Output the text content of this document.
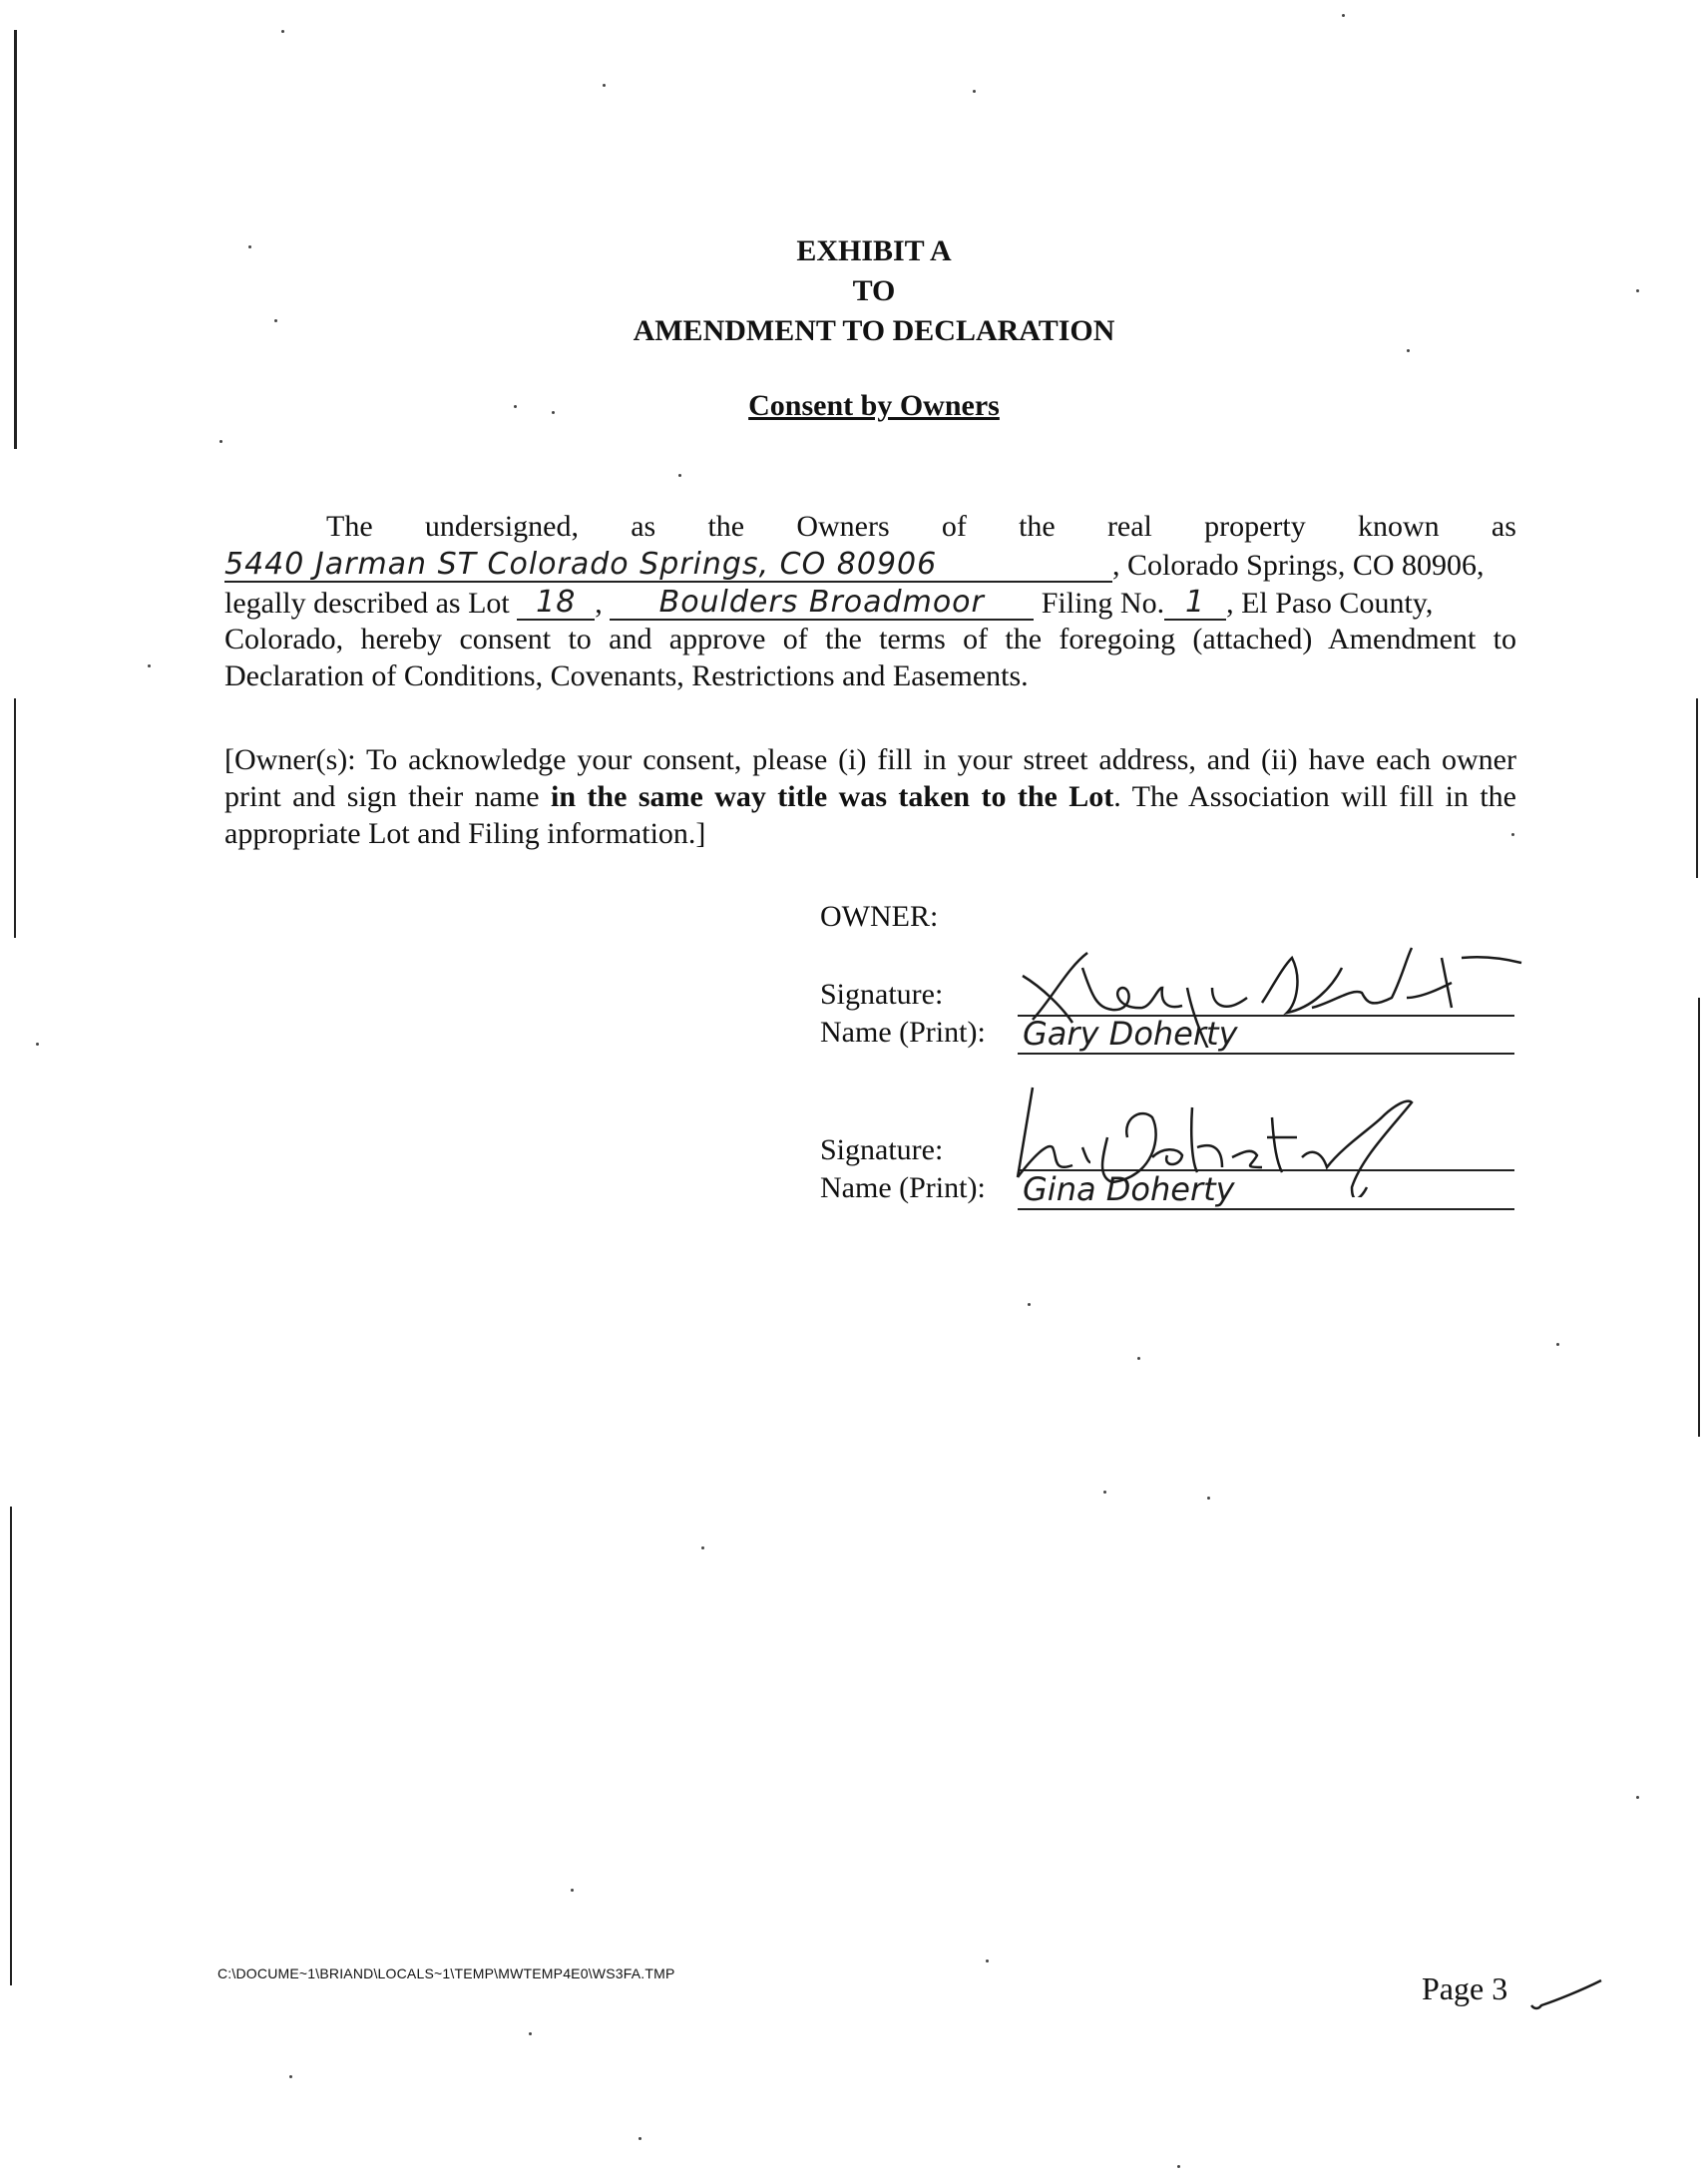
EXHIBIT A
TO
AMENDMENT TO DECLARATION
Consent by Owners
The undersigned, as the Owners of the real property known as
5440 Jarman ST Colorado Springs, CO 80906	, Colorado Springs, CO 80906,
legally described as Lot 18 , Boulders Broadmoor Filing No. 1 , El Paso County,
Colorado, hereby consent to and approve of the terms of the foregoing (attached) Amendment to
Declaration of Conditions, Covenants, Restrictions and Easements.
[Owner(s): To acknowledge your consent, please (i) fill in your street address, and (ii) have each owner print and sign their name in the same way title was taken to the Lot. The Association will fill in the appropriate Lot and Filing information.]
OWNER:
Signature:
Name (Print): Gary Doherty
Signature:
Name (Print): Gina Doherty
C:\DOCUME~1\BRIAND\LOCALS~1\TEMP\MWTEMP4E0\WS3FA.TMP	Page 3
